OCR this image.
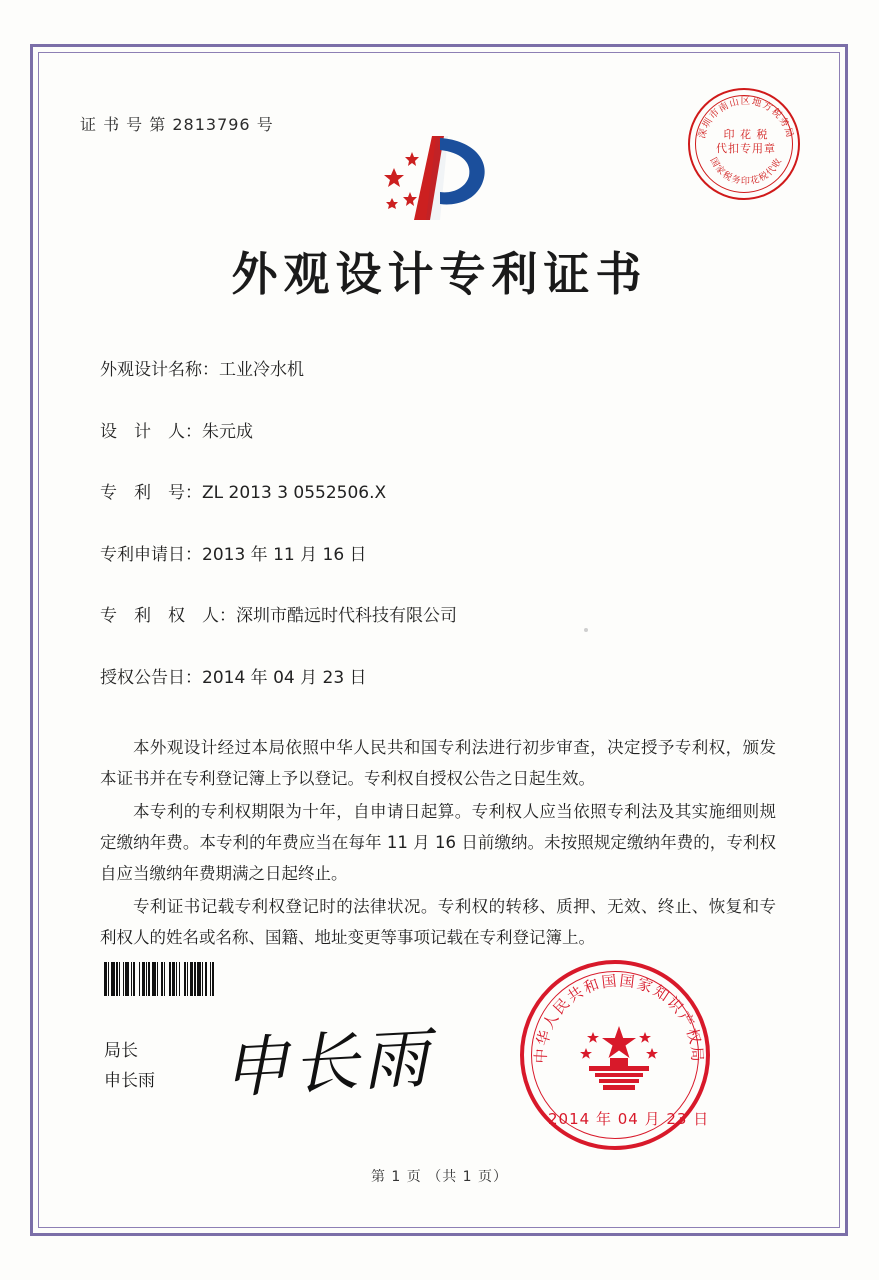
证 书 号 第 2813796 号	深圳市南山区地方税务局
国家税务印花税代收
印 花 税
代扣专用章
外观设计专利证书
外观设计名称：工业冷水机
设　计　人：朱元成
专　利　号：ZL 2013 3 0552506.X
专利申请日：2013 年 11 月 16 日
专　利　权　人：深圳市酷远时代科技有限公司
授权公告日：2014 年 04 月 23 日

本外观设计经过本局依照中华人民共和国专利法进行初步审查，决定授予专利权，颁发本证书并在专利登记簿上予以登记。专利权自授权公告之日起生效。

本专利的专利权期限为十年，自申请日起算。专利权人应当依照专利法及其实施细则规定缴纳年费。本专利的年费应当在每年 11 月 16 日前缴纳。未按照规定缴纳年费的，专利权自应当缴纳年费期满之日起终止。

专利证书记载专利权登记时的法律状况。专利权的转移、质押、无效、终止、恢复和专利权人的姓名或名称、国籍、地址变更等事项记载在专利登记簿上。

申长雨
局长
申长雨
中华人民共和国国家知识产权局
2014 年 04 月 23 日
第 1 页 （共 1 页）
